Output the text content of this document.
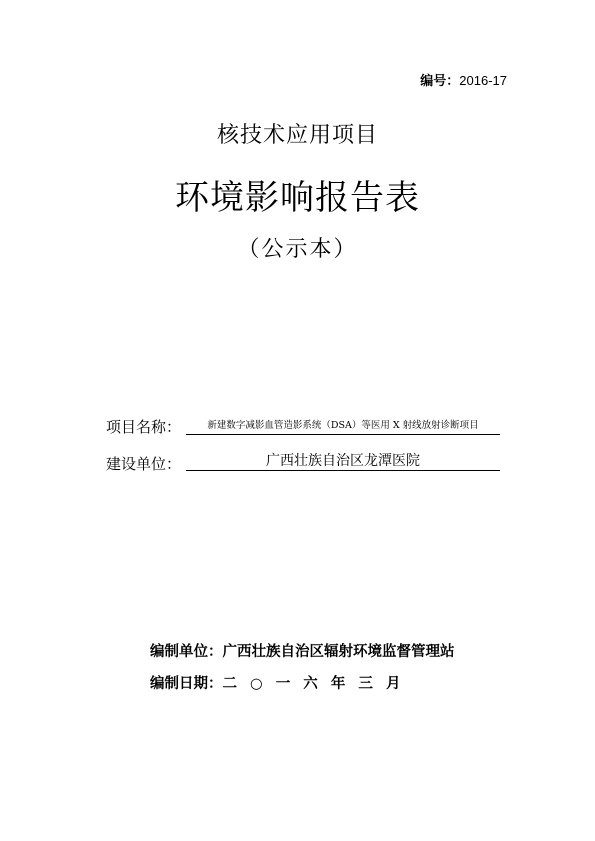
编号：2016-17
核技术应用项目
环境影响报告表
（公示本）
项目名称：	新建数字减影血管造影系统（DSA）等医用 X 射线放射诊断项目
建设单位：	广西壮族自治区龙潭医院
编制单位：广西壮族自治区辐射环境监督管理站
编制日期：二 ○ 一 六 年 三 月
